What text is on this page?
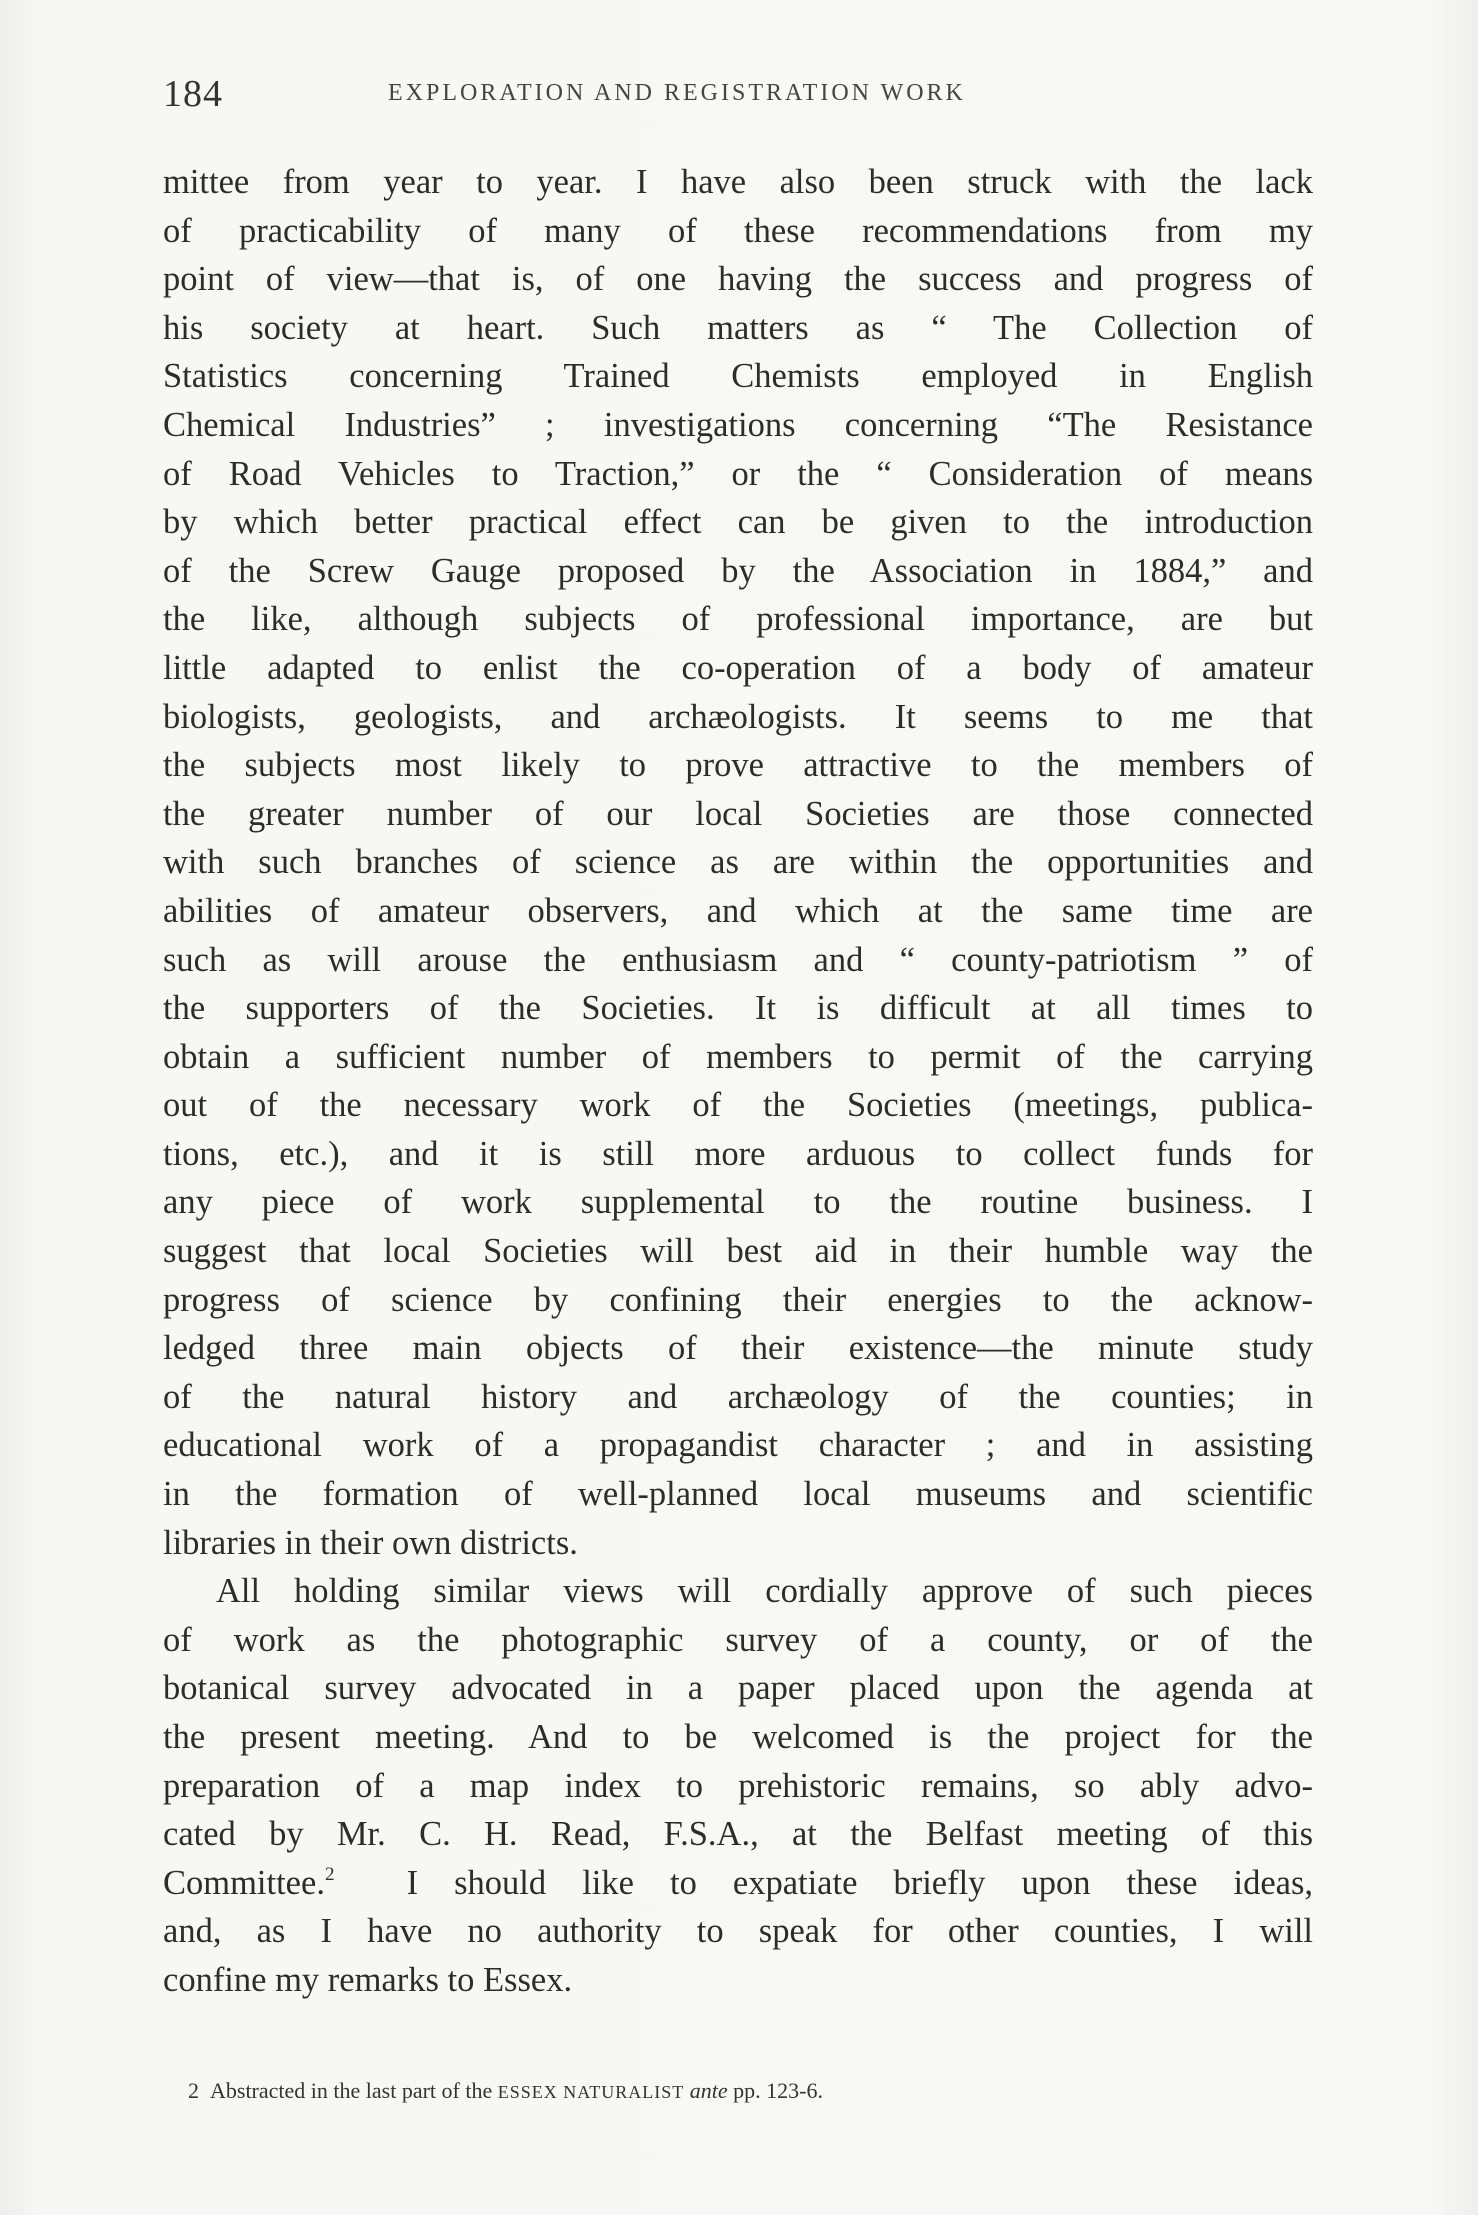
184	EXPLORATION AND REGISTRATION WORK
mittee from year to year. I have also been struck with the lack
of practicability of many of these recommendations from my
point of view—that is, of one having the success and progress of
his society at heart. Such matters as “ The Collection of
Statistics concerning Trained Chemists employed in English
Chemical Industries” ; investigations concerning “The Resistance
of Road Vehicles to Traction,” or the “ Consideration of means
by which better practical effect can be given to the introduction
of the Screw Gauge proposed by the Association in 1884,” and
the like, although subjects of professional importance, are but
little adapted to enlist the co-operation of a body of amateur
biologists, geologists, and archæologists. It seems to me that
the subjects most likely to prove attractive to the members of
the greater number of our local Societies are those connected
with such branches of science as are within the opportunities and
abilities of amateur observers, and which at the same time are
such as will arouse the enthusiasm and “ county-patriotism ” of
the supporters of the Societies. It is difficult at all times to
obtain a sufficient number of members to permit of the carrying
out of the necessary work of the Societies (meetings, publica-
tions, etc.), and it is still more arduous to collect funds for
any piece of work supplemental to the routine business. I
suggest that local Societies will best aid in their humble way the
progress of science by confining their energies to the acknow-
ledged three main objects of their existence—the minute study
of the natural history and archæology of the counties; in
educational work of a propagandist character ; and in assisting
in the formation of well-planned local museums and scientific
libraries in their own districts.
All holding similar views will cordially approve of such pieces
of work as the photographic survey of a county, or of the
botanical survey advocated in a paper placed upon the agenda at
the present meeting. And to be welcomed is the project for the
preparation of a map index to prehistoric remains, so ably advo-
cated by Mr. C. H. Read, F.S.A., at the Belfast meeting of this
Committee.$^2$  I should like to expatiate briefly upon these ideas,
and, as I have no authority to speak for other counties, I will
confine my remarks to Essex.
2 Abstracted in the last part of the ESSEX NATURALIST ante pp. 123-6.
